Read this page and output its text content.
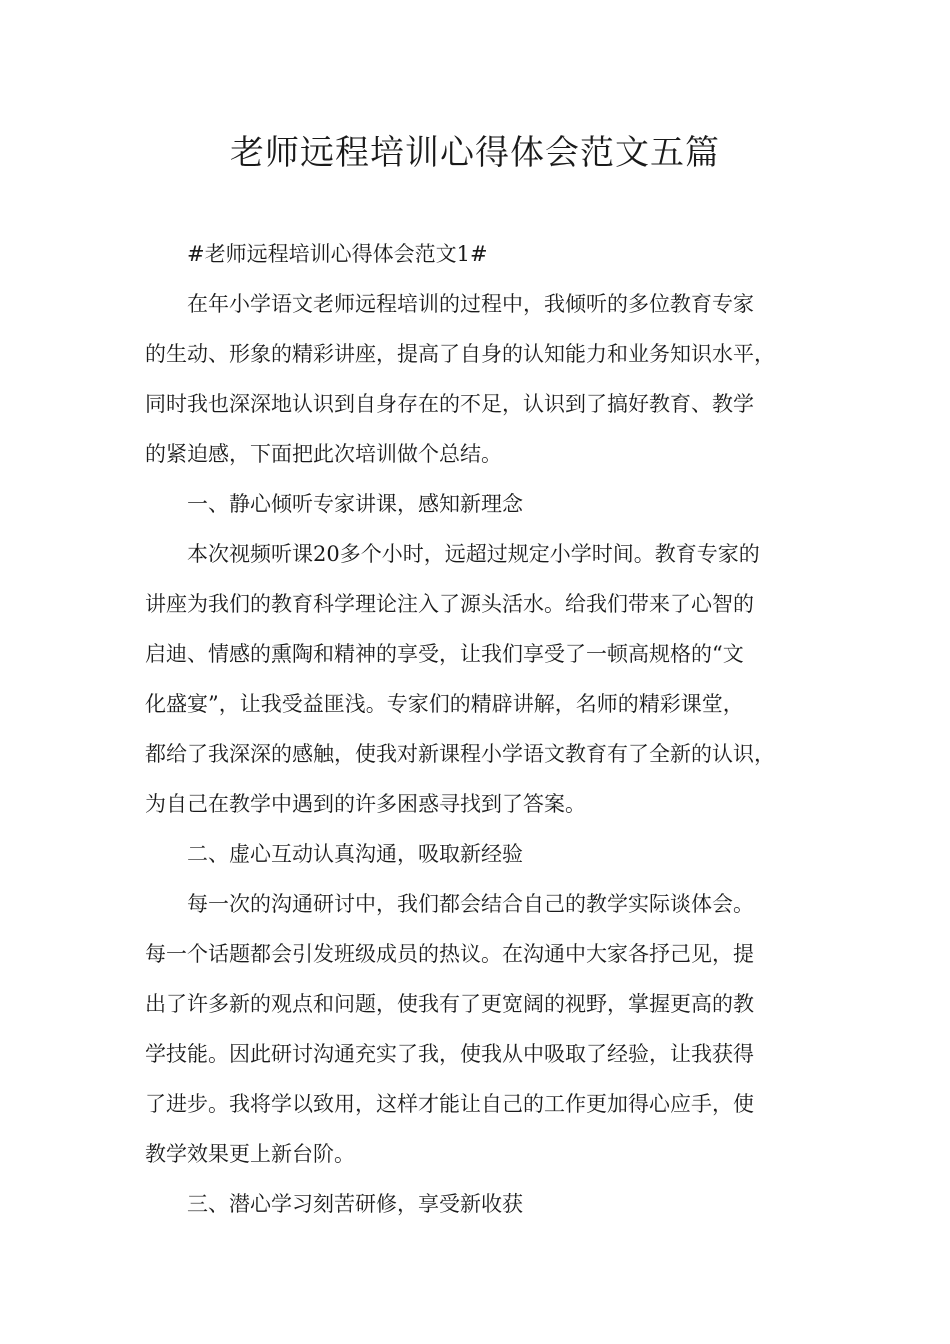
老师远程培训心得体会范文五篇
#老师远程培训心得体会范文1#
在年小学语文老师远程培训的过程中，我倾听的多位教育专家
的生动、形象的精彩讲座，提高了自身的认知能力和业务知识水平，
同时我也深深地认识到自身存在的不足，认识到了搞好教育、教学
的紧迫感，下面把此次培训做个总结。
一、静心倾听专家讲课，感知新理念
本次视频听课20多个小时，远超过规定小学时间。教育专家的
讲座为我们的教育科学理论注入了源头活水。给我们带来了心智的
启迪、情感的熏陶和精神的享受，让我们享受了一顿高规格的“文
化盛宴”，让我受益匪浅。专家们的精辟讲解，名师的精彩课堂，
都给了我深深的感触，使我对新课程小学语文教育有了全新的认识，
为自己在教学中遇到的许多困惑寻找到了答案。
二、虚心互动认真沟通，吸取新经验
每一次的沟通研讨中，我们都会结合自己的教学实际谈体会。
每一个话题都会引发班级成员的热议。在沟通中大家各抒己见，提
出了许多新的观点和问题，使我有了更宽阔的视野，掌握更高的教
学技能。因此研讨沟通充实了我，使我从中吸取了经验，让我获得
了进步。我将学以致用，这样才能让自己的工作更加得心应手，使
教学效果更上新台阶。
三、潜心学习刻苦研修，享受新收获
